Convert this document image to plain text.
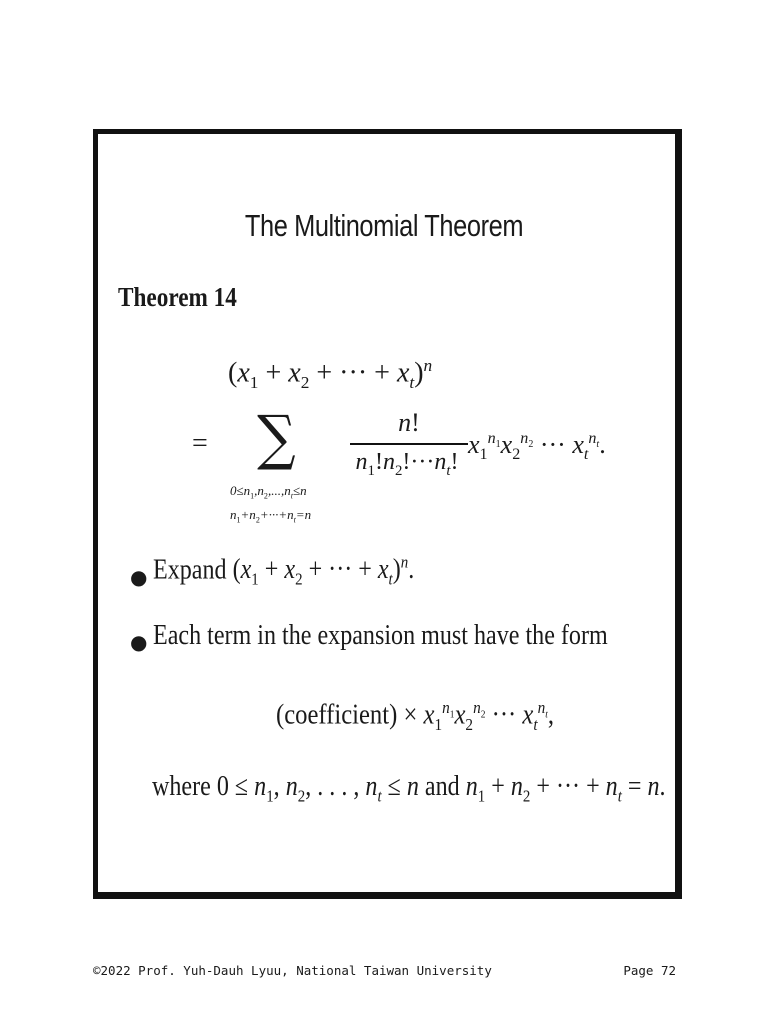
The Multinomial Theorem
Theorem 14
($x_1 + x_2$ + ··· + $x_t)^n$
= ∑
$0\le n_1,n_2,...,n_t\le n$
$n_1+n_2+\cdot\cdot\cdot+n_t=n$
n!
$n_1!n_2!\cdot\cdot\cdot n_t$!
$x_1^{n_1}x_2^{n_2}$ ··· $x_t^{n_t}$.
● Expand ($x_1 + x_2$ + ··· + $x_t)^n$.
● Each term in the expansion must have the form
(coefficient) × $x_1^{n_1}x_2^{n_2}$ ··· $x_t^{n_t}$,
where $0 \le n_1$, $n_2$, . . . , $n_t \le n$ and $n_1 + n_2$ + ··· + $n_t = n$.
©2022 Prof. Yuh-Dauh Lyuu, National Taiwan University	Page 72
